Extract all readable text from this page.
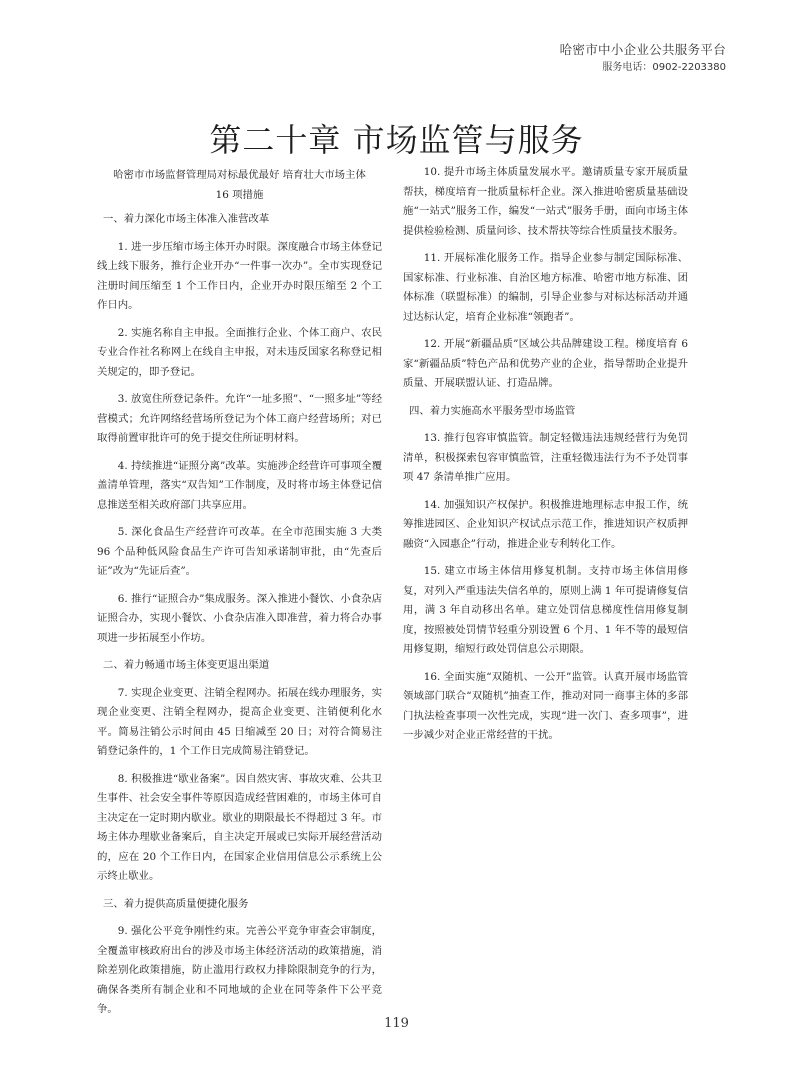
哈密市中小企业公共服务平台
服务电话：0902-2203380
第二十章 市场监管与服务
哈密市市场监督管理局对标最优最好 培育壮大市场主体 16 项措施
一、着力深化市场主体准入准营改革
1. 进一步压缩市场主体开办时限。深度融合市场主体登记线上线下服务，推行企业开办“一件事一次办”。全市实现登记注册时间压缩至 1 个工作日内，企业开办时限压缩至 2 个工作日内。
2. 实施名称自主申报。全面推行企业、个体工商户、农民专业合作社名称网上在线自主申报，对未违反国家名称登记相关规定的，即予登记。
3. 放宽住所登记条件。允许“一址多照”、“一照多址”等经营模式；允许网络经营场所登记为个体工商户经营场所；对已取得前置审批许可的免于提交住所证明材料。
4. 持续推进“证照分离”改革。实施涉企经营许可事项全覆盖清单管理，落实“双告知”工作制度，及时将市场主体登记信息推送至相关政府部门共享应用。
5. 深化食品生产经营许可改革。在全市范围实施 3 大类 96 个品种低风险食品生产许可告知承诺制审批，由“先查后证”改为“先证后查”。
6. 推行“证照合办”集成服务。深入推进小餐饮、小食杂店证照合办，实现小餐饮、小食杂店准入即准营，着力将合办事项进一步拓展至小作坊。
二、着力畅通市场主体变更退出渠道
7. 实现企业变更、注销全程网办。拓展在线办理服务，实现企业变更、注销全程网办，提高企业变更、注销便利化水平。简易注销公示时间由 45 日缩减至 20 日；对符合简易注销登记条件的，1 个工作日完成简易注销登记。
8. 积极推进“歇业备案”。因自然灾害、事故灾难、公共卫生事件、社会安全事件等原因造成经营困难的，市场主体可自主决定在一定时期内歇业。歇业的期限最长不得超过 3 年。市场主体办理歇业备案后，自主决定开展或已实际开展经营活动的，应在 20 个工作日内，在国家企业信用信息公示系统上公示终止歇业。
三、着力提供高质量便捷化服务
9. 强化公平竞争刚性约束。完善公平竞争审查会审制度，全覆盖审核政府出台的涉及市场主体经济活动的政策措施，消除差别化政策措施，防止滥用行政权力排除限制竞争的行为，确保各类所有制企业和不同地域的企业在同等条件下公平竞争。
10. 提升市场主体质量发展水平。邀请质量专家开展质量帮扶，梯度培育一批质量标杆企业。深入推进哈密质量基础设施“一站式”服务工作，编发“一站式”服务手册，面向市场主体提供检验检测、质量问诊、技术帮扶等综合性质量技术服务。
11. 开展标准化服务工作。指导企业参与制定国际标准、国家标准、行业标准、自治区地方标准、哈密市地方标准、团体标准（联盟标准）的编制，引导企业参与对标达标活动并通过达标认定，培育企业标准“领跑者”。
12. 开展“新疆品质”区域公共品牌建设工程。梯度培育 6 家“新疆品质”特色产品和优势产业的企业，指导帮助企业提升质量、开展联盟认证、打造品牌。
四、着力实施高水平服务型市场监管
13. 推行包容审慎监管。制定轻微违法违规经营行为免罚清单，积极探索包容审慎监管，注重轻微违法行为不予处罚事项 47 条清单推广应用。
14. 加强知识产权保护。积极推进地理标志申报工作，统筹推进园区、企业知识产权试点示范工作，推进知识产权质押融资“入园惠企”行动，推进企业专利转化工作。
15. 建立市场主体信用修复机制。支持市场主体信用修复，对列入严重违法失信名单的，原则上满 1 年可提请修复信用，满 3 年自动移出名单。建立处罚信息梯度性信用修复制度，按照被处罚情节轻重分别设置 6 个月、1 年不等的最短信用修复期，缩短行政处罚信息公示期限。
16. 全面实施“双随机、一公开”监管。认真开展市场监管领域部门联合“双随机”抽查工作，推动对同一商事主体的多部门执法检查事项一次性完成，实现“进一次门、查多项事”，进一步减少对企业正常经营的干扰。
119
